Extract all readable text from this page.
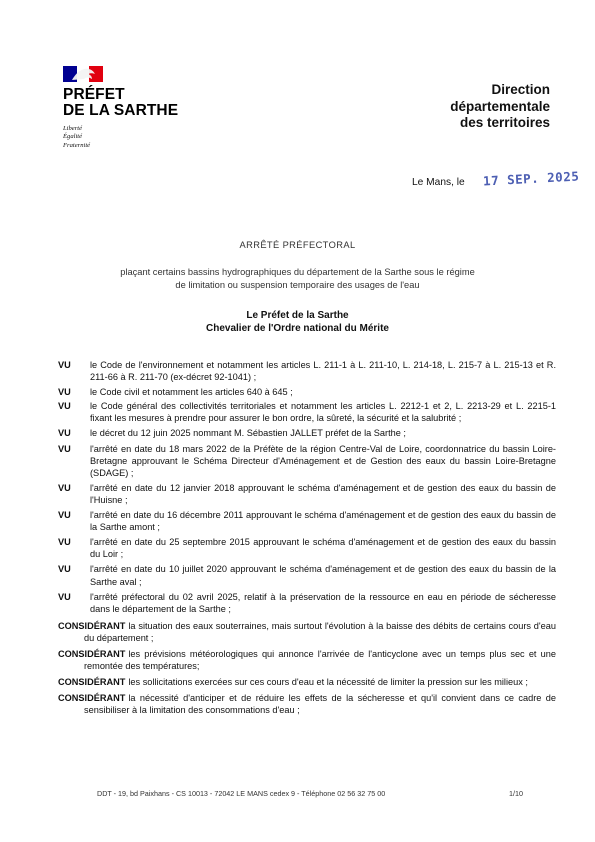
PRÉFET
DE LA SARTHE
Liberté
Égalité
Fraternité
Direction
départementale
des territoires
Le Mans, le 17 SEP. 2025
ARRÊTÉ PRÉFECTORAL
plaçant certains bassins hydrographiques du département de la Sarthe sous le régime
de limitation ou suspension temporaire des usages de l'eau
Le Préfet de la Sarthe
Chevalier de l'Ordre national du Mérite
VU le Code de l'environnement et notamment les articles L. 211-1 à L. 211-10, L. 214-18, L. 215-7 à L. 215-13 et R. 211-66 à R. 211-70 (ex-décret 92-1041) ;
VU le Code civil et notamment les articles 640 à 645 ;
VU le Code général des collectivités territoriales et notamment les articles L. 2212-1 et 2, L. 2213-29 et L. 2215-1 fixant les mesures à prendre pour assurer le bon ordre, la sûreté, la sécurité et la salubrité ;
VU le décret du 12 juin 2025 nommant M. Sébastien JALLET préfet de la Sarthe ;
VU l'arrêté en date du 18 mars 2022 de la Préfète de la région Centre-Val de Loire, coordonnatrice du bassin Loire-Bretagne approuvant le Schéma Directeur d'Aménagement et de Gestion des eaux du bassin Loire-Bretagne (SDAGE) ;
VU l'arrêté en date du 12 janvier 2018 approuvant le schéma d'aménagement et de gestion des eaux du bassin de l'Huisne ;
VU l'arrêté en date du 16 décembre 2011 approuvant le schéma d'aménagement et de gestion des eaux du bassin de la Sarthe amont ;
VU l'arrêté en date du 25 septembre 2015 approuvant le schéma d'aménagement et de gestion des eaux du bassin du Loir ;
VU l'arrêté en date du 10 juillet 2020 approuvant le schéma d'aménagement et de gestion des eaux du bassin de la Sarthe aval ;
VU l'arrêté préfectoral du 02 avril 2025, relatif à la préservation de la ressource en eau en période de sécheresse dans le département de la Sarthe ;
CONSIDÉRANT la situation des eaux souterraines, mais surtout l'évolution à la baisse des débits de certains cours d'eau du département ;
CONSIDÉRANT les prévisions météorologiques qui annonce l'arrivée de l'anticyclone avec un temps plus sec et une remontée des températures;
CONSIDÉRANT les sollicitations exercées sur ces cours d'eau et la nécessité de limiter la pression sur les milieux ;
CONSIDÉRANT la nécessité d'anticiper et de réduire les effets de la sécheresse et qu'il convient dans ce cadre de sensibiliser à la limitation des consommations d'eau ;
DDT - 19, bd Paixhans - CS 10013 - 72042 LE MANS cedex 9 - Téléphone 02 56 32 75 00	1/10
